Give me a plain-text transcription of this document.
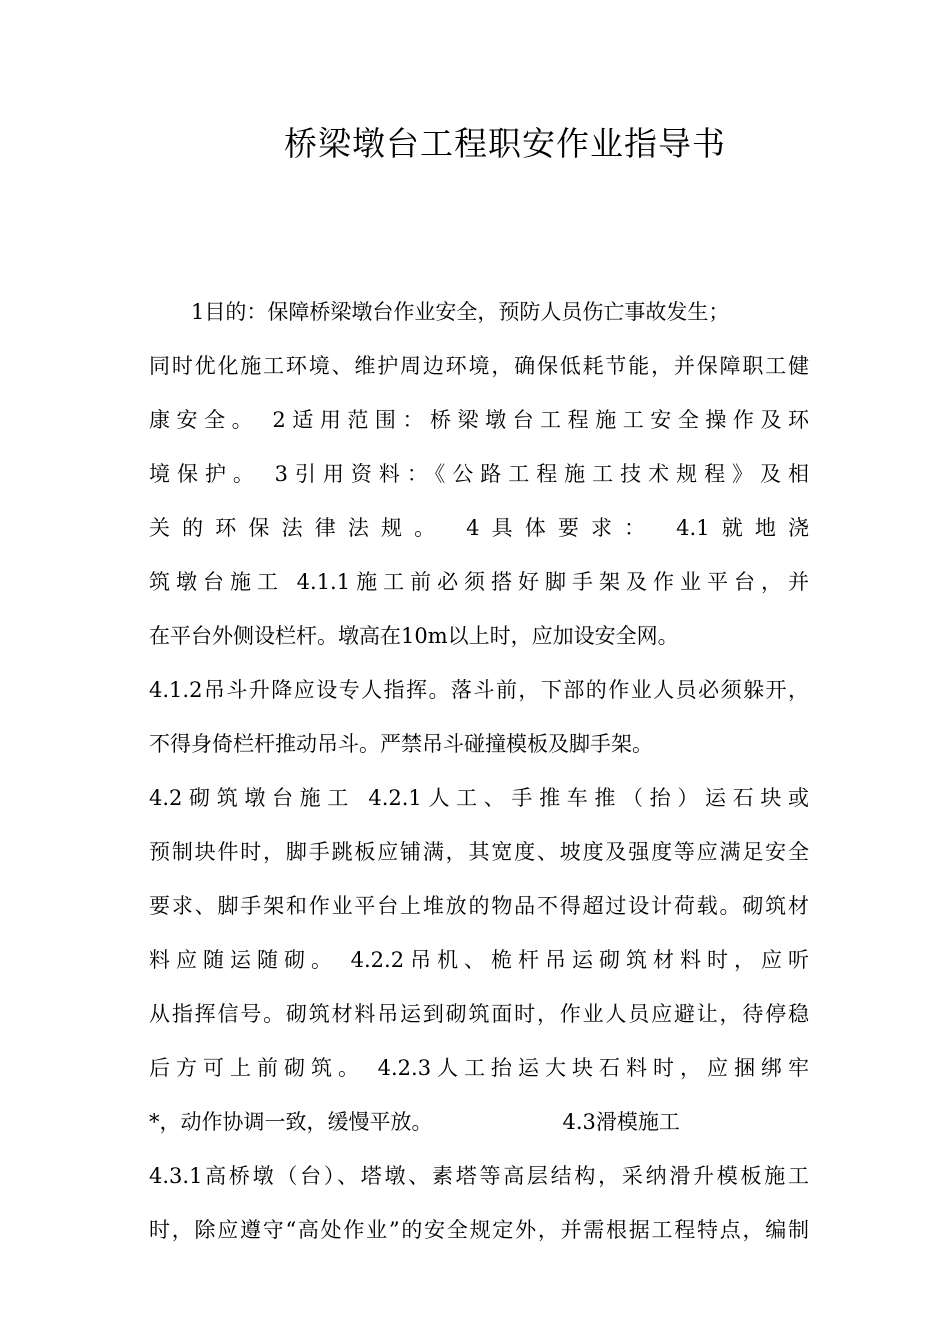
桥梁墩台工程职安作业指导书
　　1目的：保障桥梁墩台作业安全，预防人员伤亡事故发生；
同时优化施工环境、维护周边环境，确保低耗节能，并保障职工健
康安全。 2适用范围：桥梁墩台工程施工安全操作及环
境保护。 3引用资料：《公路工程施工技术规程》及相
关的环保法律法规。 4具体要求： 4.1就地浇
筑墩台施工 4.1.1施工前必须搭好脚手架及作业平台，并
在平台外侧设栏杆。墩高在10m以上时，应加设安全网。
4.1.2吊斗升降应设专人指挥。落斗前，下部的作业人员必须躲开，
不得身倚栏杆推动吊斗。严禁吊斗碰撞模板及脚手架。
4.2砌筑墩台施工 4.2.1人工、手推车推（抬）运石块或
预制块件时，脚手跳板应铺满，其宽度、坡度及强度等应满足安全
要求、脚手架和作业平台上堆放的物品不得超过设计荷载。砌筑材
料应随运随砌。 4.2.2吊机、桅杆吊运砌筑材料时，应听
从指挥信号。砌筑材料吊运到砌筑面时，作业人员应避让，待停稳
后方可上前砌筑。 4.2.3人工抬运大块石料时，应捆绑牢
*，动作协调一致，缓慢平放。	4.3滑模施工
4.3.1高桥墩（台）、塔墩、素塔等高层结构，采纳滑升模板施工
时，除应遵守“高处作业”的安全规定外，并需根据工程特点，编制
